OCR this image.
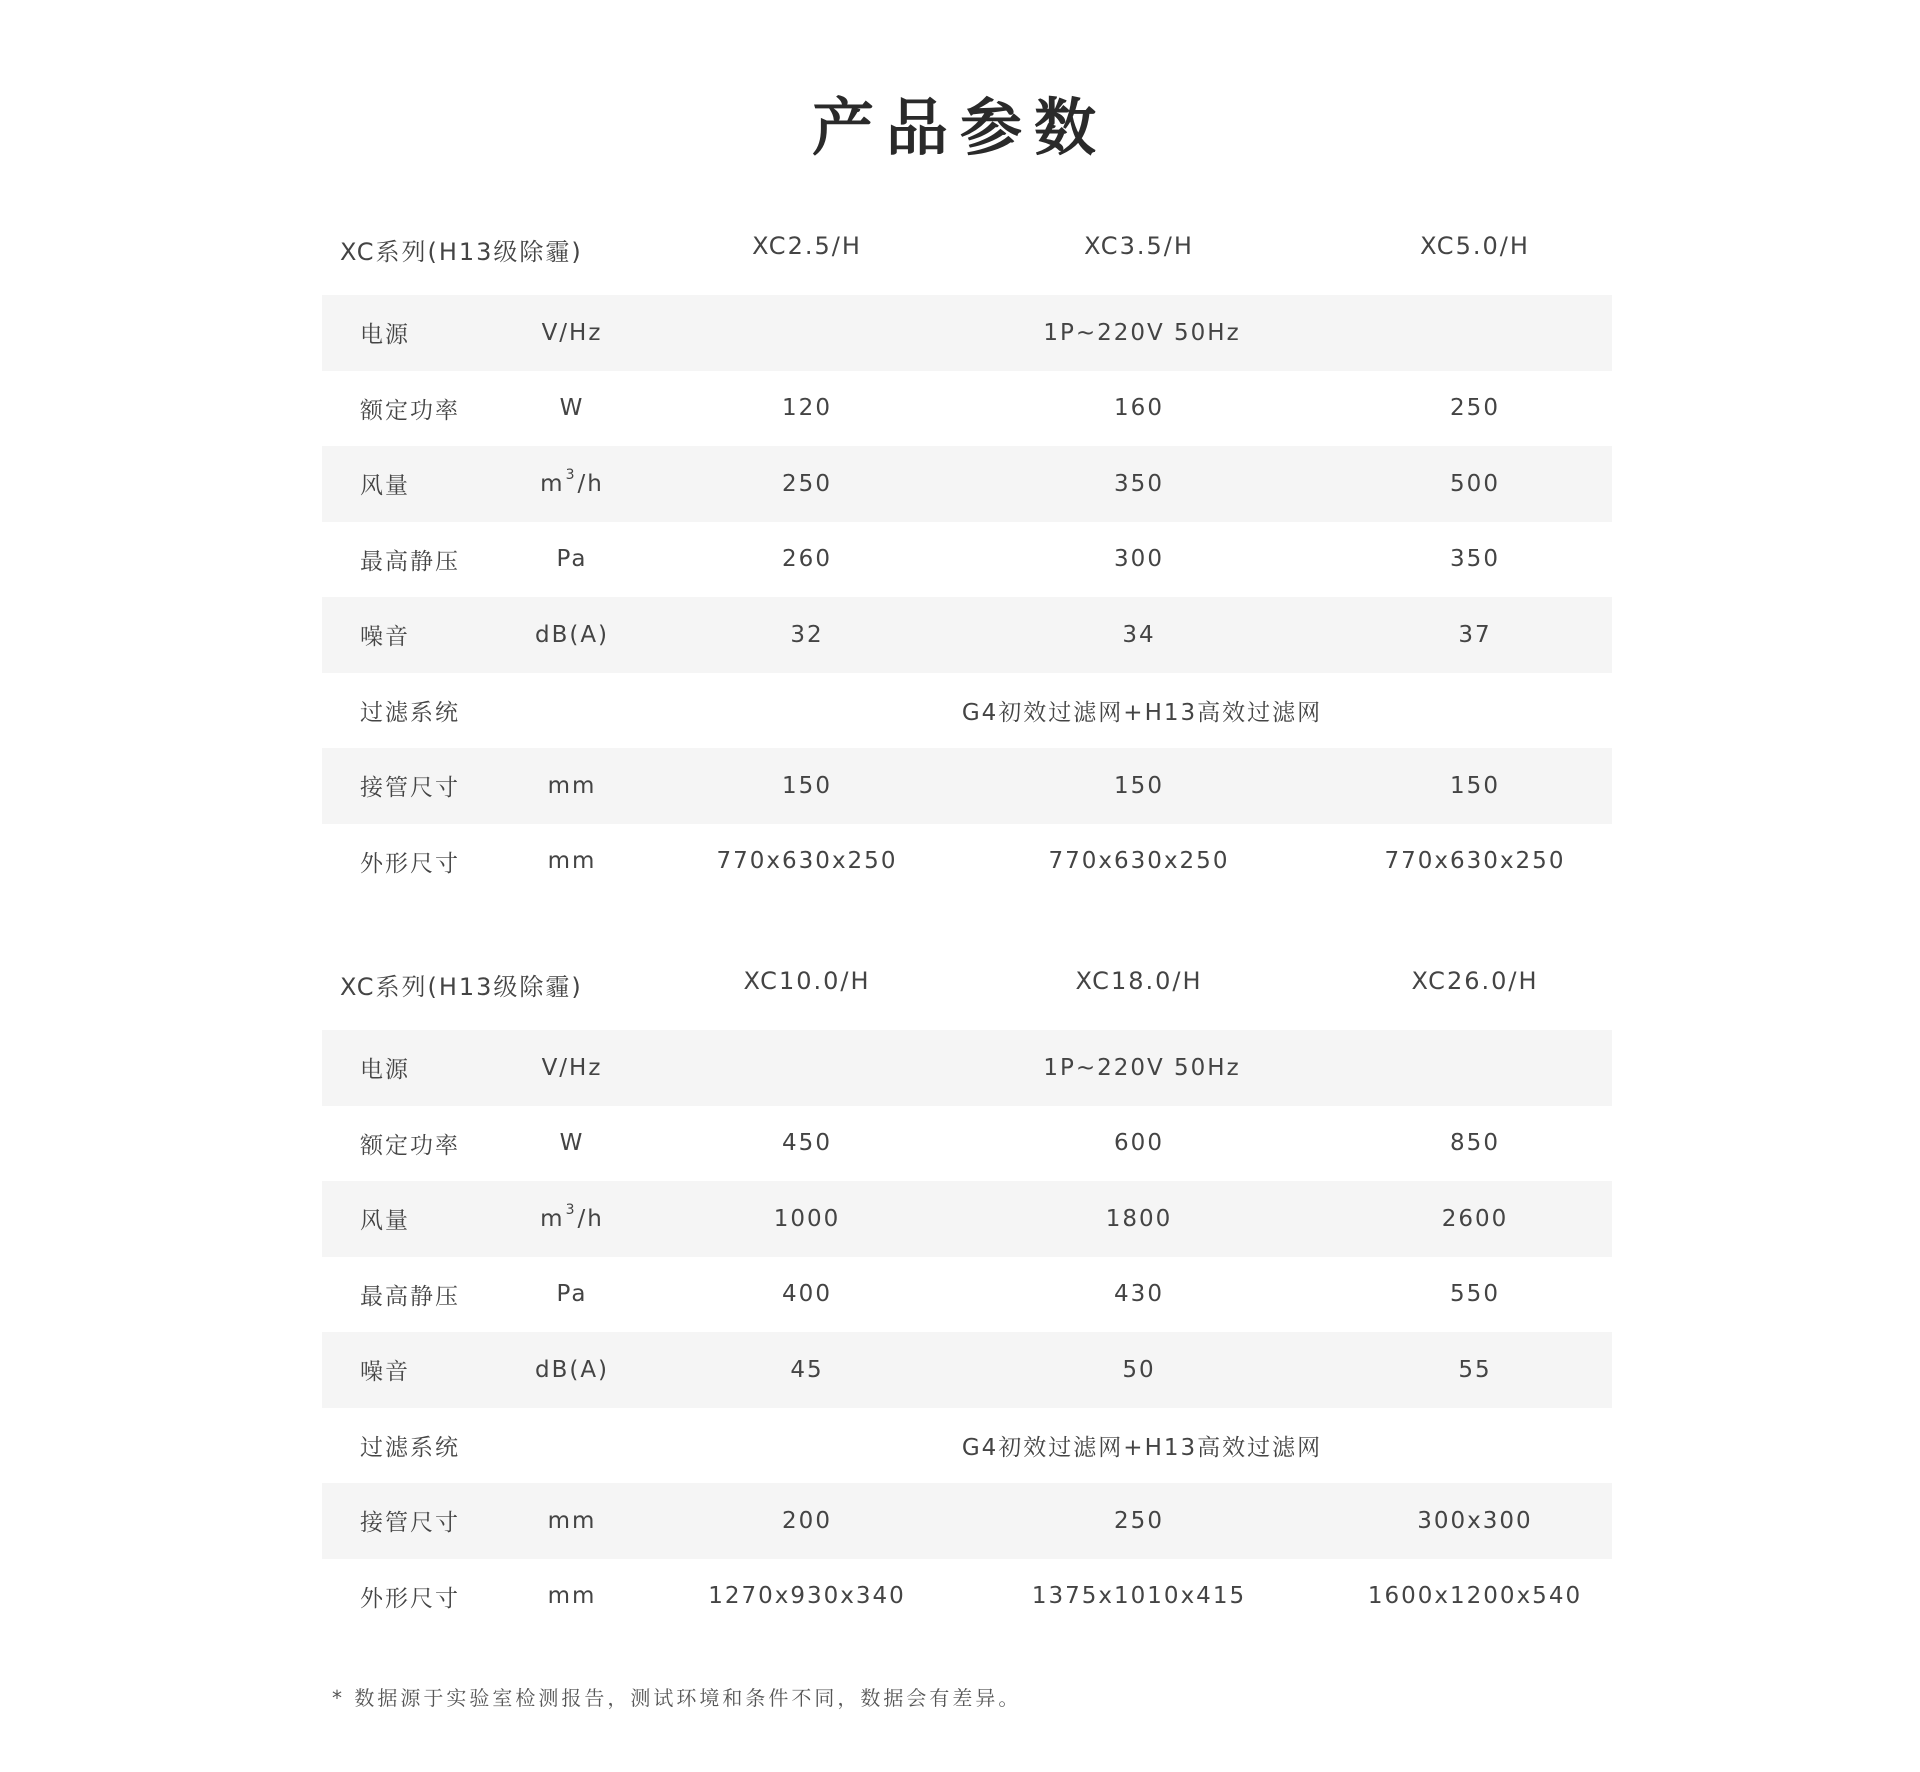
产品参数
XC系列(H13级除霾)	XC2.5/H	XC3.5/H	XC5.0/H
电源	V/Hz	1P~220V 50Hz
额定功率	W	120	160	250
风量	m 3 /h	250	350	500
最高静压	Pa	260	300	350
噪音	dB(A)	32	34	37
过滤系统	G4初效过滤网+H13高效过滤网
接管尺寸	mm	150	150	150
外形尺寸	mm	770x630x250	770x630x250	770x630x250
XC系列(H13级除霾)	XC10.0/H	XC18.0/H	XC26.0/H
电源	V/Hz	1P~220V 50Hz
额定功率	W	450	600	850
风量	m 3 /h	1000	1800	2600
最高静压	Pa	400	430	550
噪音	dB(A)	45	50	55
过滤系统	G4初效过滤网+H13高效过滤网
接管尺寸	mm	200	250	300x300
外形尺寸	mm	1270x930x340	1375x1010x415	1600x1200x540
* 数据源于实验室检测报告，测试环境和条件不同，数据会有差异。
